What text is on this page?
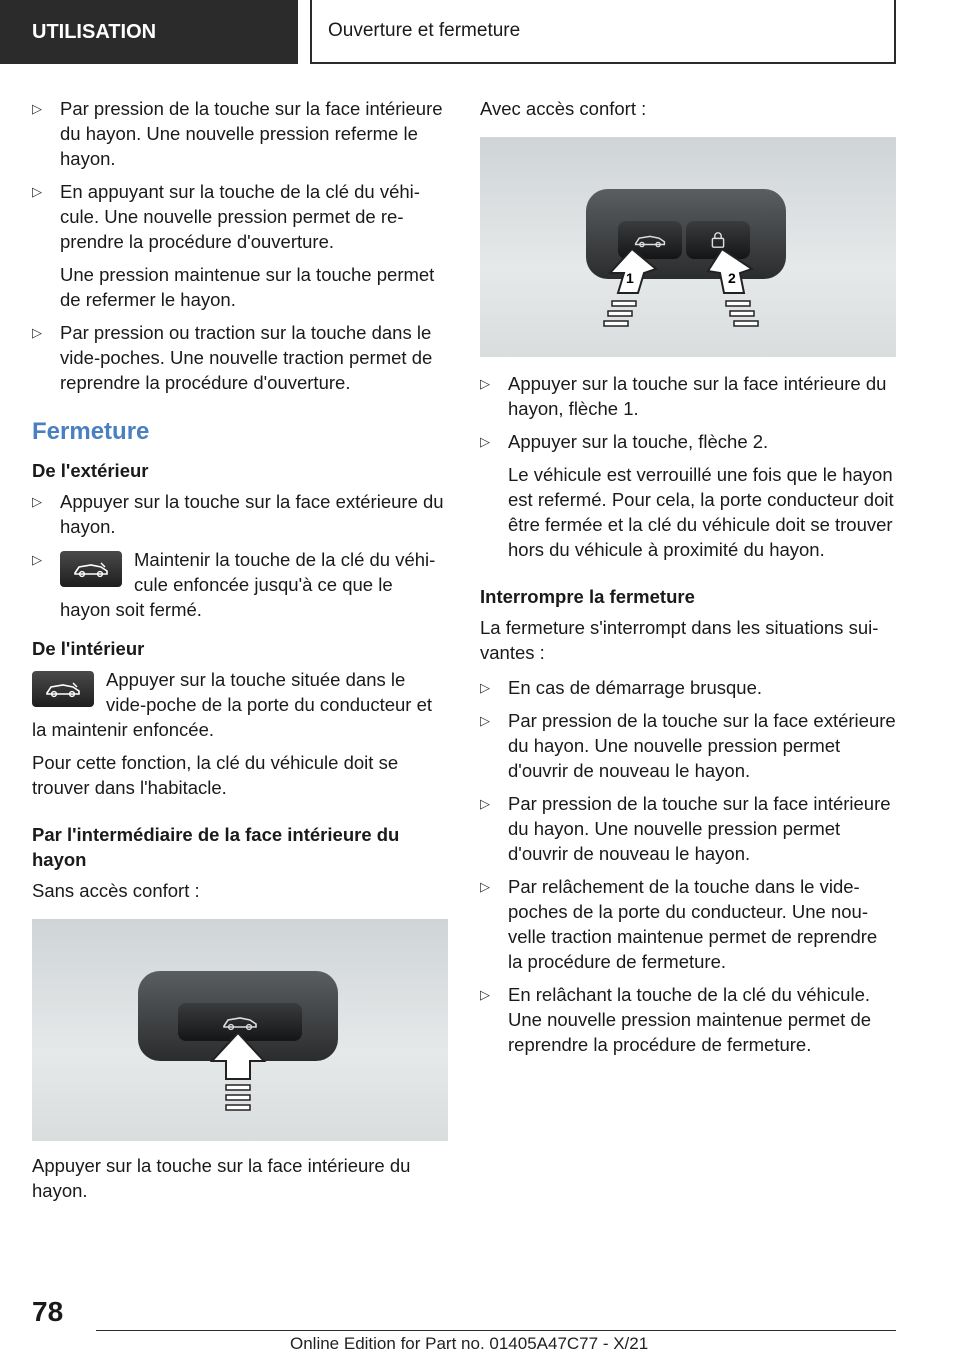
UTILISATION	Ouverture et fermeture
▷ Par pression de la touche sur la face intérieure du hayon. Une nouvelle pression referme le hayon.
▷ En appuyant sur la touche de la clé du véhicule. Une nouvelle pression permet de reprendre la procédure d'ouverture.
Une pression maintenue sur la touche permet de refermer le hayon.
▷ Par pression ou traction sur la touche dans le vide-poches. Une nouvelle traction permet de reprendre la procédure d'ouverture.
Fermeture
De l'extérieur
▷ Appuyer sur la touche sur la face extérieure du hayon.
▷	Maintenir la touche de la clé du véhicule enfoncée jusqu'à ce que le hayon soit fermé.
De l'intérieur
Appuyer sur la touche située dans le vide-poche de la porte du conducteur et la maintenir enfoncée.
Pour cette fonction, la clé du véhicule doit se trouver dans l'habitacle.
Par l'intermédiaire de la face intérieure du hayon
Sans accès confort :
Appuyer sur la touche sur la face intérieure du hayon.
Avec accès confort :
1	2
▷ Appuyer sur la touche sur la face intérieure du hayon, flèche 1.
▷ Appuyer sur la touche, flèche 2.
Le véhicule est verrouillé une fois que le hayon est refermé. Pour cela, la porte conducteur doit être fermée et la clé du véhicule doit se trouver hors du véhicule à proximité du hayon.
Interrompre la fermeture
La fermeture s'interrompt dans les situations suivantes :
▷ En cas de démarrage brusque.
▷ Par pression de la touche sur la face extérieure du hayon. Une nouvelle pression permet d'ouvrir de nouveau le hayon.
▷ Par pression de la touche sur la face intérieure du hayon. Une nouvelle pression permet d'ouvrir de nouveau le hayon.
▷ Par relâchement de la touche dans le vide-poches de la porte du conducteur. Une nouvelle traction maintenue permet de reprendre la procédure de fermeture.
▷ En relâchant la touche de la clé du véhicule. Une nouvelle pression maintenue permet de reprendre la procédure de fermeture.
78
Online Edition for Part no. 01405A47C77 - X/21
